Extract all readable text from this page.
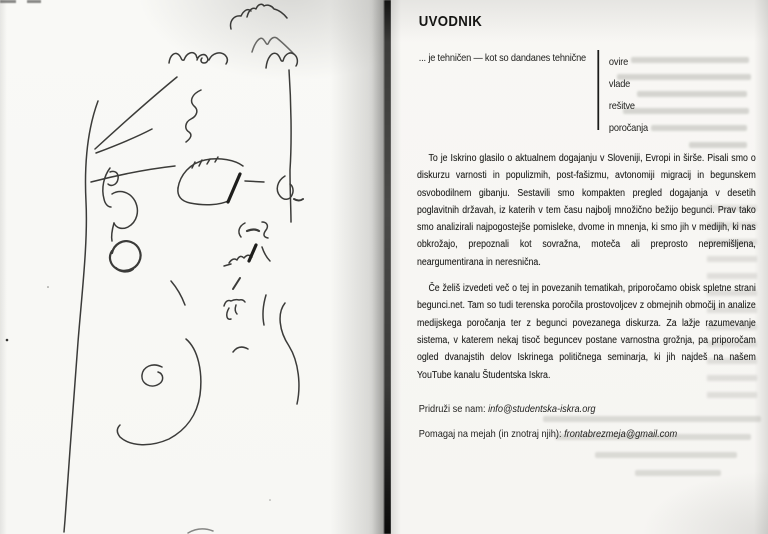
UVODNIK
... je tehničen — kot so dandanes tehnične ovire
vlade
rešitve
poročanja

To je Iskrino glasilo o aktualnem dogajanju v Sloveniji, Evropi in širše. Pisali smo o diskurzu varnosti in populizmih, post-fašizmu, avtonomiji migracij in begunskem osvobodilnem gibanju. Sestavili smo kompakten pregled dogajanja v desetih poglavitnih državah, iz katerih v tem času najbolj množično bežijo begunci. Prav tako smo analizirali najpogostejše pomisleke, dvome in mnenja, ki smo jih v medijih, ki nas obkrožajo, prepoznali kot sovražna, moteča ali preprosto nepremišljena, neargumentirana in neresnična.

Če želiš izvedeti več o tej in povezanih tematikah, priporočamo obisk spletne strani begunci.net. Tam so tudi terenska poročila prostovoljcev z obmejnih območij in analize medijskega poročanja ter z begunci povezanega diskurza. Za lažje razumevanje sistema, v katerem nekaj tisoč beguncev postane varnostna grožnja, pa priporočam ogled dvanajstih delov Iskrinega političnega seminarja, ki jih najdeš na našem YouTube kanalu Študentska Iskra.

Pridruži se nam: info@studentska-iskra.org
Pomagaj na mejah (in znotraj njih): frontabrezmeja@gmail.com
